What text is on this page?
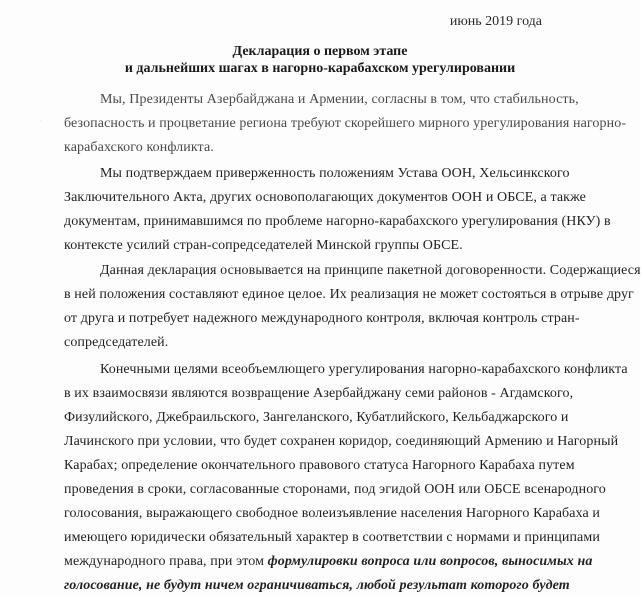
июнь 2019 года
Декларация о первом этапе
и дальнейших шагах в нагорно-карабахском урегулировании
Мы, Президенты Азербайджана и Армении, согласны в том, что стабильность,
безопасность и процветание региона требуют скорейшего мирного урегулирования нагорно-
карабахского конфликта.
Мы подтверждаем приверженность положениям Устава ООН, Хельсинкского
Заключительного Акта, других основополагающих документов ООН и ОБСЕ, а также
документам, принимавшимся по проблеме нагорно-карабахского урегулирования (НКУ) в
контексте усилий стран-сопредседателей Минской группы ОБСЕ.
Данная декларация основывается на принципе пакетной договоренности. Содержащиеся
в ней положения составляют единое целое. Их реализация не может состояться в отрыве друг
от друга и потребует надежного международного контроля, включая контроль стран-
сопредседателей.
Конечными целями всеобъемлющего урегулирования нагорно-карабахского конфликта
в их взаимосвязи являются возвращение Азербайджану семи районов - Агдамского,
Физулийского, Джебраильского, Зангеланского, Кубатлийского, Кельбаджарского и
Лачинского при условии, что будет сохранен коридор, соединяющий Армению и Нагорный
Карабах; определение окончательного правового статуса Нагорного Карабаха путем
проведения в сроки, согласованные сторонами, под эгидой ООН или ОБСЕ всенародного
голосования, выражающего свободное волеизъявление населения Нагорного Карабаха и
имеющего юридически обязательный характер в соответствии с нормами и принципами
международного права, при этом формулировки вопроса или вопросов, выносимых на
голосование, не будут ничем ограничиваться, любой результат которого будет
